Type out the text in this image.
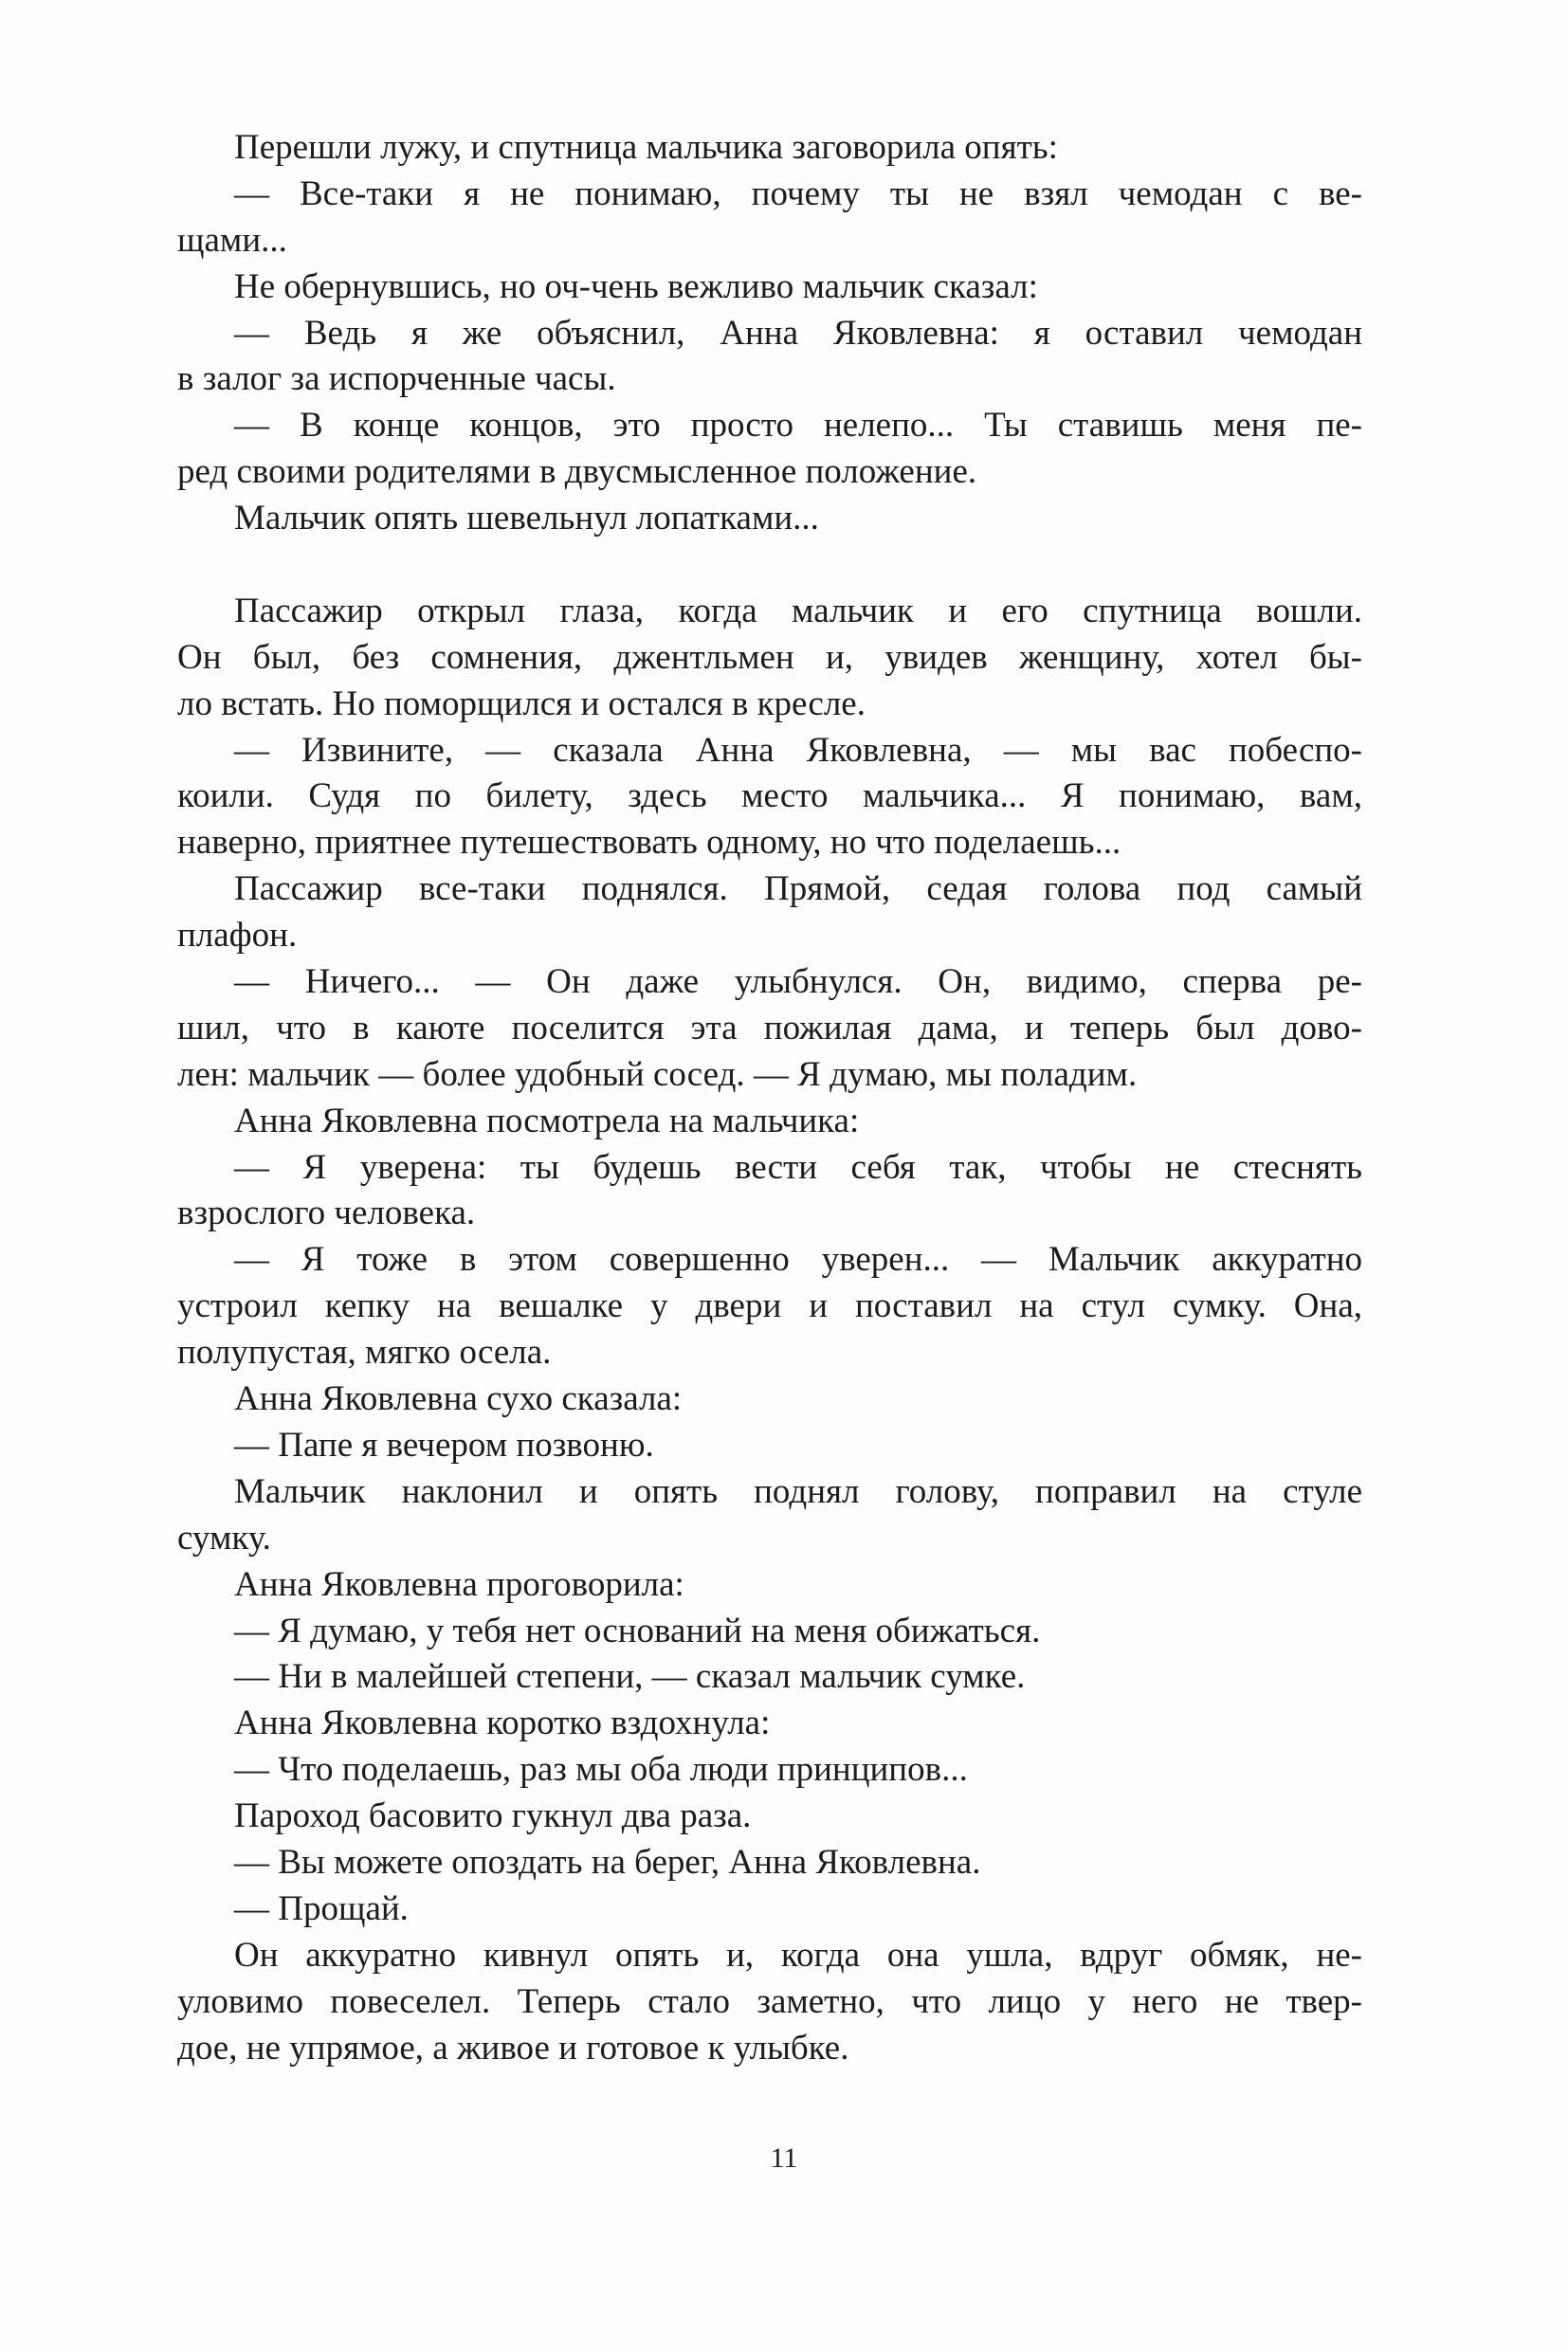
Перешли лужу, и спутница мальчика заговорила опять:
— Все-таки я не понимаю, почему ты не взял чемодан с ве-
щами...
Не обернувшись, но оч-чень вежливо мальчик сказал:
— Ведь я же объяснил, Анна Яковлевна: я оставил чемодан
в залог за испорченные часы.
— В конце концов, это просто нелепо... Ты ставишь меня пе-
ред своими родителями в двусмысленное положение.
Мальчик опять шевельнул лопатками...
Пассажир открыл глаза, когда мальчик и его спутница вошли.
Он был, без сомнения, джентльмен и, увидев женщину, хотел бы-
ло встать. Но поморщился и остался в кресле.
— Извините, — сказала Анна Яковлевна, — мы вас побеспо-
коили. Судя по билету, здесь место мальчика... Я понимаю, вам,
наверно, приятнее путешествовать одному, но что поделаешь...
Пассажир все-таки поднялся. Прямой, седая голова под самый
плафон.
— Ничего... — Он даже улыбнулся. Он, видимо, сперва ре-
шил, что в каюте поселится эта пожилая дама, и теперь был дово-
лен: мальчик — более удобный сосед. — Я думаю, мы поладим.
Анна Яковлевна посмотрела на мальчика:
— Я уверена: ты будешь вести себя так, чтобы не стеснять
взрослого человека.
— Я тоже в этом совершенно уверен... — Мальчик аккуратно
устроил кепку на вешалке у двери и поставил на стул сумку. Она,
полупустая, мягко осела.
Анна Яковлевна сухо сказала:
— Папе я вечером позвоню.
Мальчик наклонил и опять поднял голову, поправил на стуле
сумку.
Анна Яковлевна проговорила:
— Я думаю, у тебя нет оснований на меня обижаться.
— Ни в малейшей степени, — сказал мальчик сумке.
Анна Яковлевна коротко вздохнула:
— Что поделаешь, раз мы оба люди принципов...
Пароход басовито гукнул два раза.
— Вы можете опоздать на берег, Анна Яковлевна.
— Прощай.
Он аккуратно кивнул опять и, когда она ушла, вдруг обмяк, не-
уловимо повеселел. Теперь стало заметно, что лицо у него не твер-
дое, не упрямое, а живое и готовое к улыбке.
11
